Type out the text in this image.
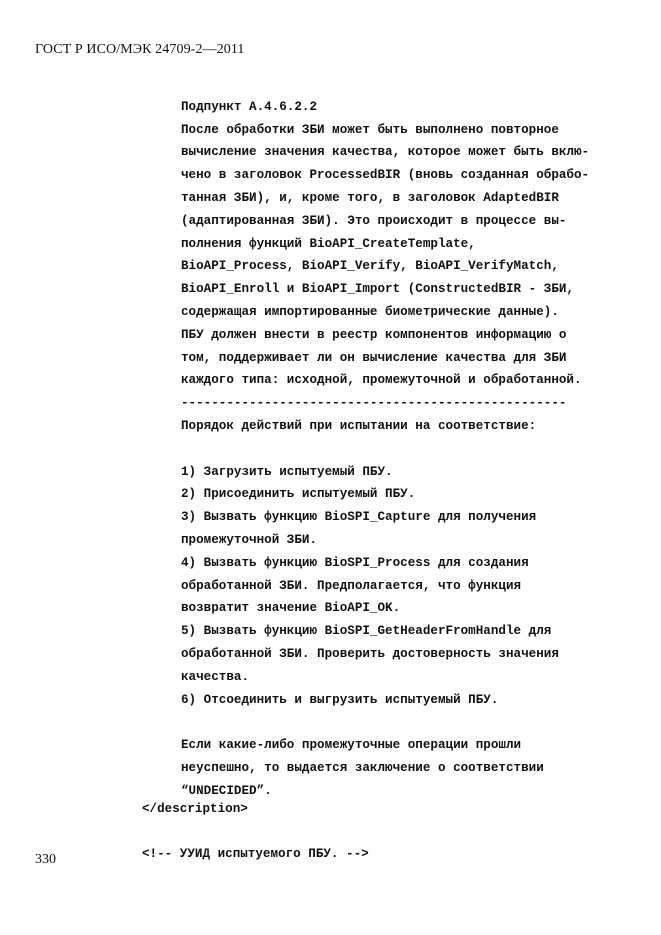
ГОСТ Р ИСО/МЭК 24709-2—2011

Подпункт А.4.6.2.2
После обработки ЗБИ может быть выполнено повторное
вычисление значения качества, которое может быть вклю-
чено в заголовок ProcessedBIR (вновь созданная обрабо-
танная ЗБИ), и, кроме того, в заголовок AdaptedBIR
(адаптированная ЗБИ). Это происходит в процессе вы-
полнения функций BioAPI_CreateTemplate,
BioAPI_Process, BioAPI_Verify, BioAPI_VerifyMatch,
BioAPI_Enroll и BioAPI_Import (ConstructedBIR - ЗБИ,
содержащая импортированные биометрические данные).
ПБУ должен внести в реестр компонентов информацию о
том, поддерживает ли он вычисление качества для ЗБИ
каждого типа: исходной, промежуточной и обработанной.
---------------------------------------------------
Порядок действий при испытании на соответствие:

1) Загрузить испытуемый ПБУ.
2) Присоединить испытуемый ПБУ.
3) Вызвать функцию BioSPI_Capture для получения
промежуточной ЗБИ.
4) Вызвать функцию BioSPI_Process для создания
обработанной ЗБИ. Предполагается, что функция
возвратит значение BioAPI_OK.
5) Вызвать функцию BioSPI_GetHeaderFromHandle для
обработанной ЗБИ. Проверить достоверность значения
качества.
6) Отсоединить и выгрузить испытуемый ПБУ.

Если какие-либо промежуточные операции прошли
неуспешно, то выдается заключение о соответствии
“UNDECIDED”.

</description>

<!-- УУИД испытуемого ПБУ. -->

330
